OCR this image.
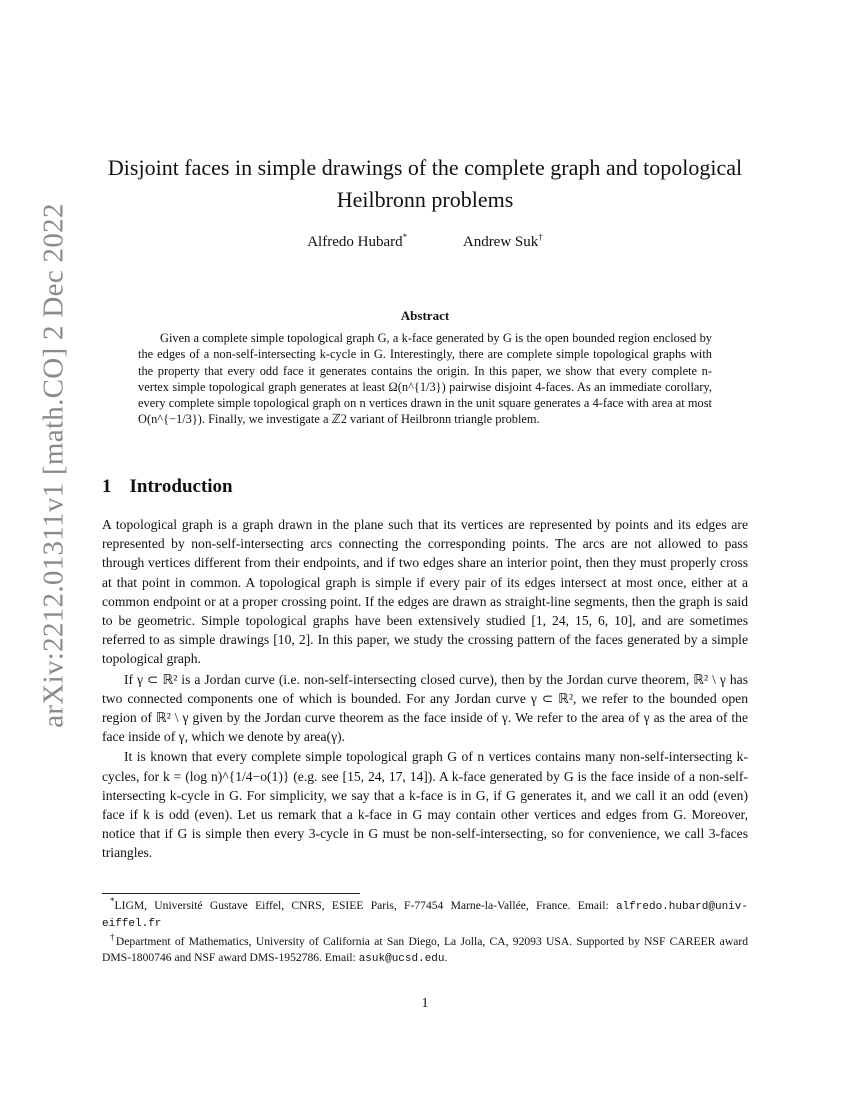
arXiv:2212.01311v1 [math.CO] 2 Dec 2022
Disjoint faces in simple drawings of the complete graph and topological Heilbronn problems
Alfredo Hubard*	Andrew Suk†
Abstract

Given a complete simple topological graph G, a k-face generated by G is the open bounded region enclosed by the edges of a non-self-intersecting k-cycle in G. Interestingly, there are complete simple topological graphs with the property that every odd face it generates contains the origin. In this paper, we show that every complete n-vertex simple topological graph generates at least Ω(n^{1/3}) pairwise disjoint 4-faces. As an immediate corollary, every complete simple topological graph on n vertices drawn in the unit square generates a 4-face with area at most O(n^{−1/3}). Finally, we investigate a ℤ2 variant of Heilbronn triangle problem.

1 Introduction

A topological graph is a graph drawn in the plane such that its vertices are represented by points and its edges are represented by non-self-intersecting arcs connecting the corresponding points. The arcs are not allowed to pass through vertices different from their endpoints, and if two edges share an interior point, then they must properly cross at that point in common. A topological graph is simple if every pair of its edges intersect at most once, either at a common endpoint or at a proper crossing point. If the edges are drawn as straight-line segments, then the graph is said to be geometric. Simple topological graphs have been extensively studied [1, 24, 15, 6, 10], and are sometimes referred to as simple drawings [10, 2]. In this paper, we study the crossing pattern of the faces generated by a simple topological graph.

If γ ⊂ ℝ² is a Jordan curve (i.e. non-self-intersecting closed curve), then by the Jordan curve theorem, ℝ² \ γ has two connected components one of which is bounded. For any Jordan curve γ ⊂ ℝ², we refer to the bounded open region of ℝ² \ γ given by the Jordan curve theorem as the face inside of γ. We refer to the area of γ as the area of the face inside of γ, which we denote by area(γ).

It is known that every complete simple topological graph G of n vertices contains many non-self-intersecting k-cycles, for k = (log n)^{1/4−o(1)} (e.g. see [15, 24, 17, 14]). A k-face generated by G is the face inside of a non-self-intersecting k-cycle in G. For simplicity, we say that a k-face is in G, if G generates it, and we call it an odd (even) face if k is odd (even). Let us remark that a k-face in G may contain other vertices and edges from G. Moreover, notice that if G is simple then every 3-cycle in G must be non-self-intersecting, so for convenience, we call 3-faces triangles.

*LIGM, Université Gustave Eiffel, CNRS, ESIEE Paris, F-77454 Marne-la-Vallée, France. Email: alfredo.hubard@univ-eiffel.fr

†Department of Mathematics, University of California at San Diego, La Jolla, CA, 92093 USA. Supported by NSF CAREER award DMS-1800746 and NSF award DMS-1952786. Email: asuk@ucsd.edu.

1
